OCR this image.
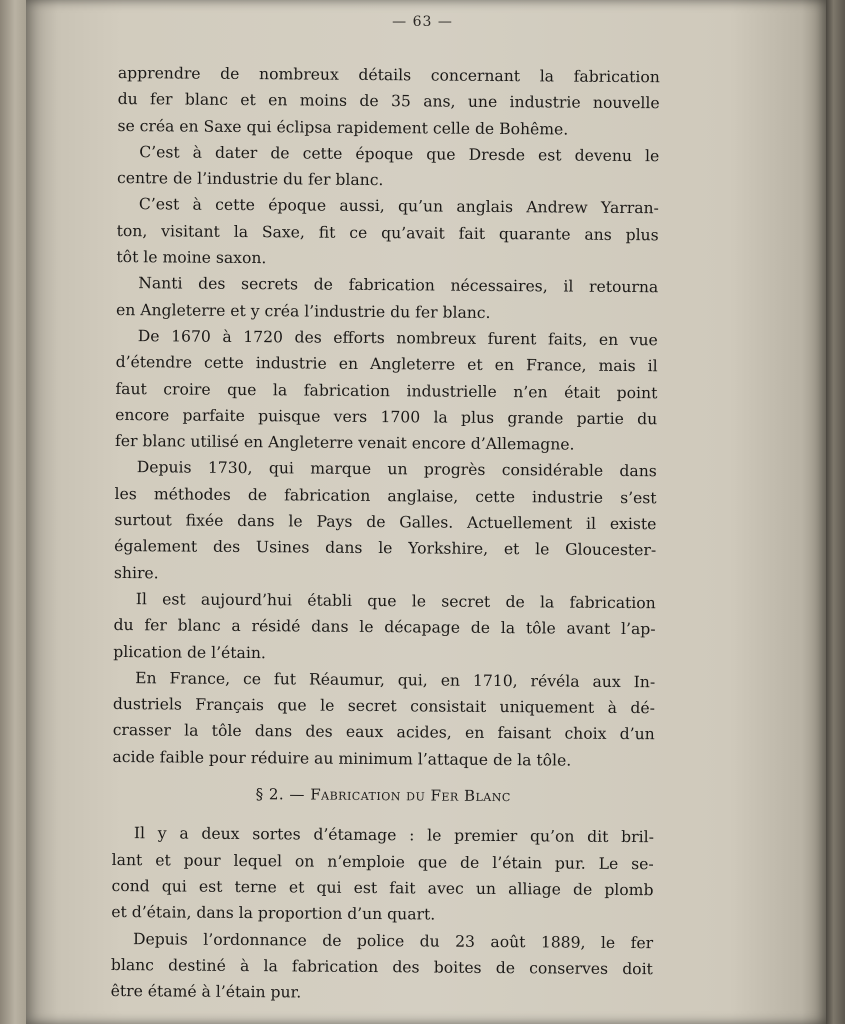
— 63 —
apprendre de nombreux détails concernant la fabrication
du fer blanc et en moins de 35 ans, une industrie nouvelle
se créa en Saxe qui éclipsa rapidement celle de Bohême.
C’est à dater de cette époque que Dresde est devenu le
centre de l’industrie du fer blanc.
C’est à cette époque aussi, qu’un anglais Andrew Yarran-
ton, visitant la Saxe, fit ce qu’avait fait quarante ans plus
tôt le moine saxon.
Nanti des secrets de fabrication nécessaires, il retourna
en Angleterre et y créa l’industrie du fer blanc.
De 1670 à 1720 des efforts nombreux furent faits, en vue
d’étendre cette industrie en Angleterre et en France, mais il
faut croire que la fabrication industrielle n’en était point
encore parfaite puisque vers 1700 la plus grande partie du
fer blanc utilisé en Angleterre venait encore d’Allemagne.
Depuis 1730, qui marque un progrès considérable dans
les méthodes de fabrication anglaise, cette industrie s’est
surtout fixée dans le Pays de Galles. Actuellement il existe
également des Usines dans le Yorkshire, et le Gloucester-
shire.
Il est aujourd’hui établi que le secret de la fabrication
du fer blanc a résidé dans le décapage de la tôle avant l’ap-
plication de l’étain.
En France, ce fut Réaumur, qui, en 1710, révéla aux In-
dustriels Français que le secret consistait uniquement à dé-
crasser la tôle dans des eaux acides, en faisant choix d’un
acide faible pour réduire au minimum l’attaque de la tôle.
§ 2. — Fabrication du Fer Blanc
Il y a deux sortes d’étamage : le premier qu’on dit bril-
lant et pour lequel on n’emploie que de l’étain pur. Le se-
cond qui est terne et qui est fait avec un alliage de plomb
et d’étain, dans la proportion d’un quart.
Depuis l’ordonnance de police du 23 août 1889, le fer
blanc destiné à la fabrication des boites de conserves doit
être étamé à l’étain pur.
